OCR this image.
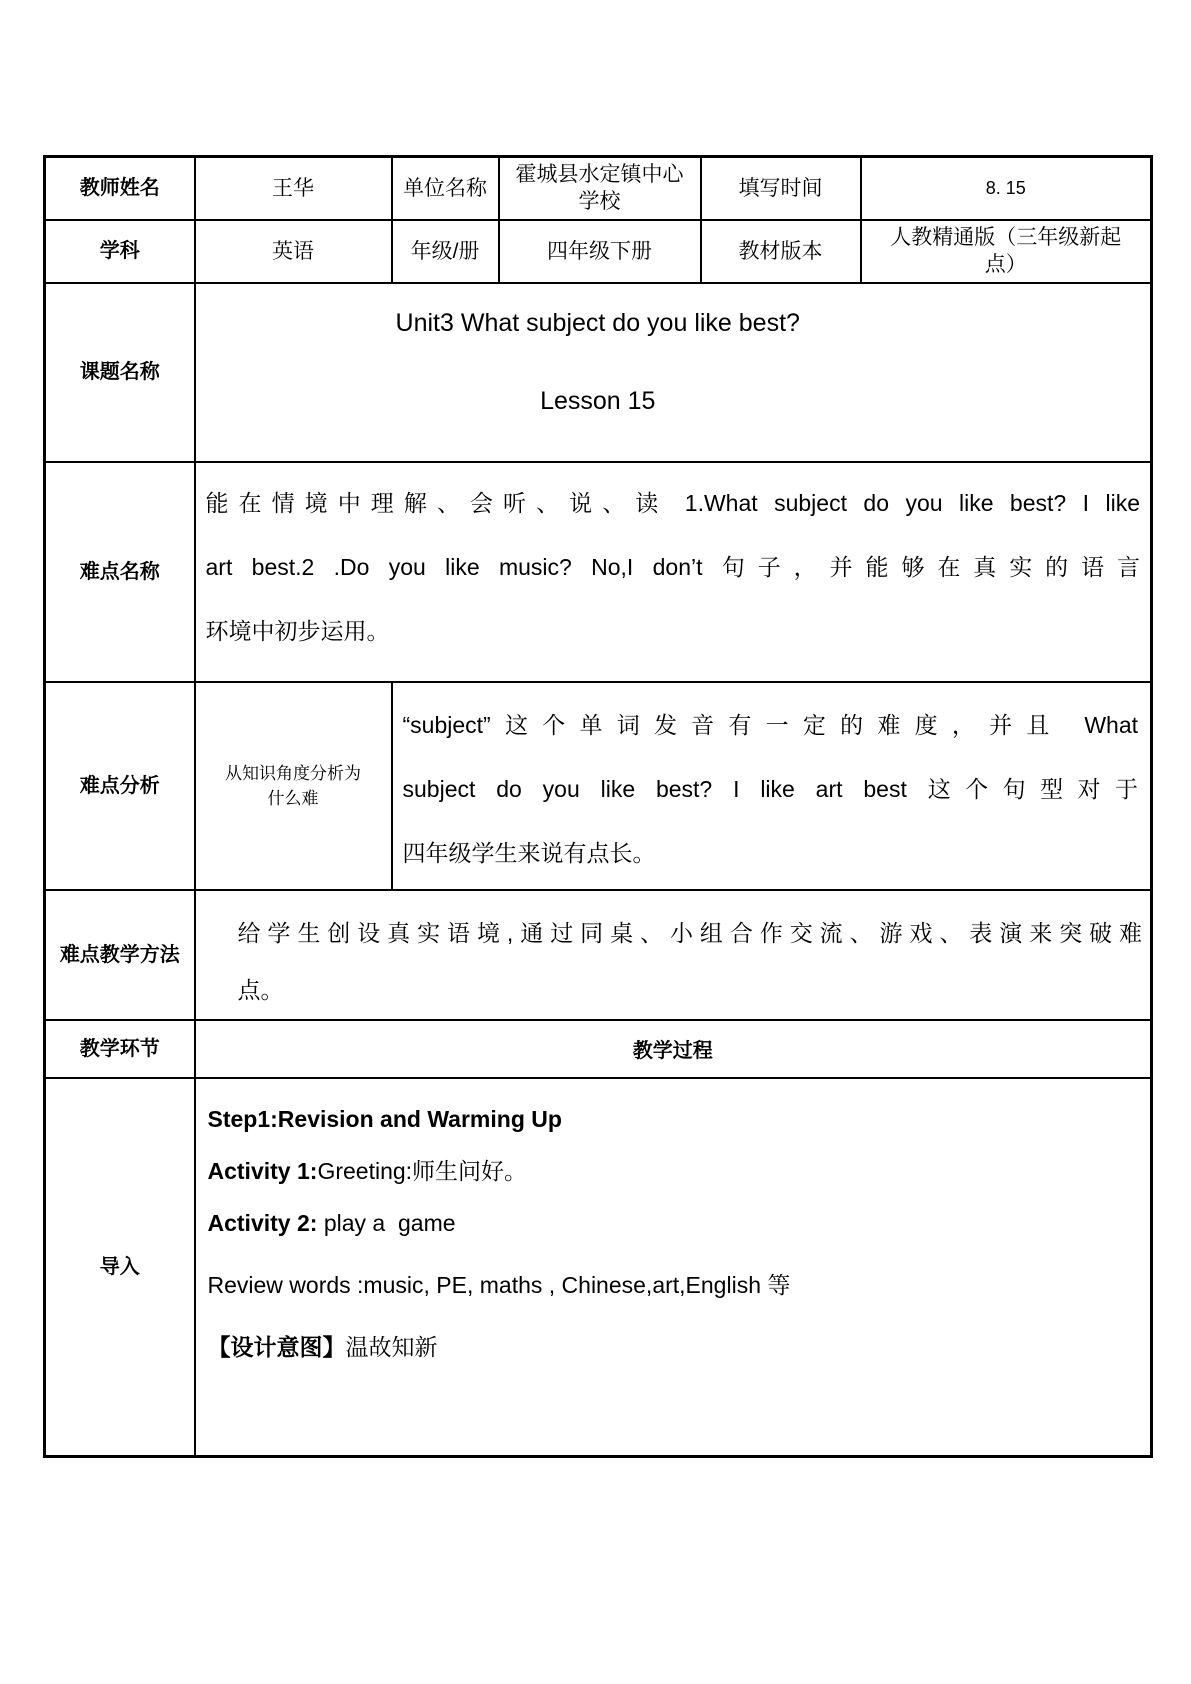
教师姓名	王华	单位名称	霍城县水定镇中心学校	填写时间	8. 15
学科	英语	年级/册	四年级下册	教材版本	人教精通版（三年级新起点）
课题名称	Unit3 What subject do you like best?

Lesson 15				

难点名称	能在情境中理解、会听、说、读 1.What subject do you like best? I like
art best.2 .Do you like music? No,I don’t 句子，并能够在真实的语言
环境中初步运用。				

难点分析	从知识角度分析为什么难	“subject”这个单词发音有一定的难度，并且 What
subject do you like best? I like art best 这个句型对于
四年级学生来说有点长。			

难点教学方法	给学生创设真实语境,通过同桌、小组合作交流、游戏、表演来突破难
点。				

教学环节	教学过程				
导入	Step1:Revision and Warming Up

Activity 1:Greeting:师生问好。

Activity 2: play a  game

Review words :music, PE, maths , Chinese,art,English 等

【设计意图】温故知新				
